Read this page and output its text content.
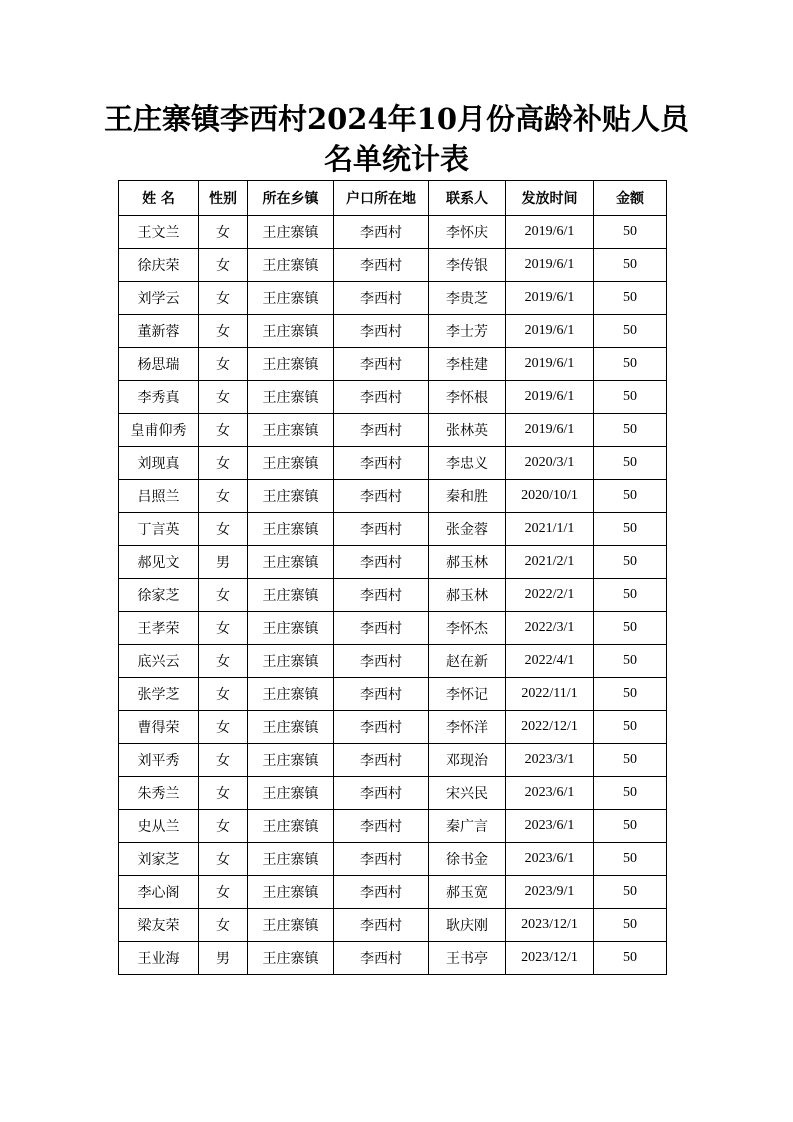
王庄寨镇李西村2024年10月份高龄补贴人员
名单统计表
姓 名	性别	所在乡镇	户口所在地	联系人	发放时间	金额
王文兰	女	王庄寨镇	李西村	李怀庆	2019/6/1	50
徐庆荣	女	王庄寨镇	李西村	李传银	2019/6/1	50
刘学云	女	王庄寨镇	李西村	李贵芝	2019/6/1	50
董新蓉	女	王庄寨镇	李西村	李士芳	2019/6/1	50
杨思瑞	女	王庄寨镇	李西村	李桂建	2019/6/1	50
李秀真	女	王庄寨镇	李西村	李怀根	2019/6/1	50
皇甫仰秀	女	王庄寨镇	李西村	张林英	2019/6/1	50
刘现真	女	王庄寨镇	李西村	李忠义	2020/3/1	50
吕照兰	女	王庄寨镇	李西村	秦和胜	2020/10/1	50
丁言英	女	王庄寨镇	李西村	张金蓉	2021/1/1	50
郝见文	男	王庄寨镇	李西村	郝玉林	2021/2/1	50
徐家芝	女	王庄寨镇	李西村	郝玉林	2022/2/1	50
王孝荣	女	王庄寨镇	李西村	李怀杰	2022/3/1	50
底兴云	女	王庄寨镇	李西村	赵在新	2022/4/1	50
张学芝	女	王庄寨镇	李西村	李怀记	2022/11/1	50
曹得荣	女	王庄寨镇	李西村	李怀洋	2022/12/1	50
刘平秀	女	王庄寨镇	李西村	邓现治	2023/3/1	50
朱秀兰	女	王庄寨镇	李西村	宋兴民	2023/6/1	50
史从兰	女	王庄寨镇	李西村	秦广言	2023/6/1	50
刘家芝	女	王庄寨镇	李西村	徐书金	2023/6/1	50
李心阁	女	王庄寨镇	李西村	郝玉宽	2023/9/1	50
梁友荣	女	王庄寨镇	李西村	耿庆刚	2023/12/1	50
王业海	男	王庄寨镇	李西村	王书亭	2023/12/1	50
